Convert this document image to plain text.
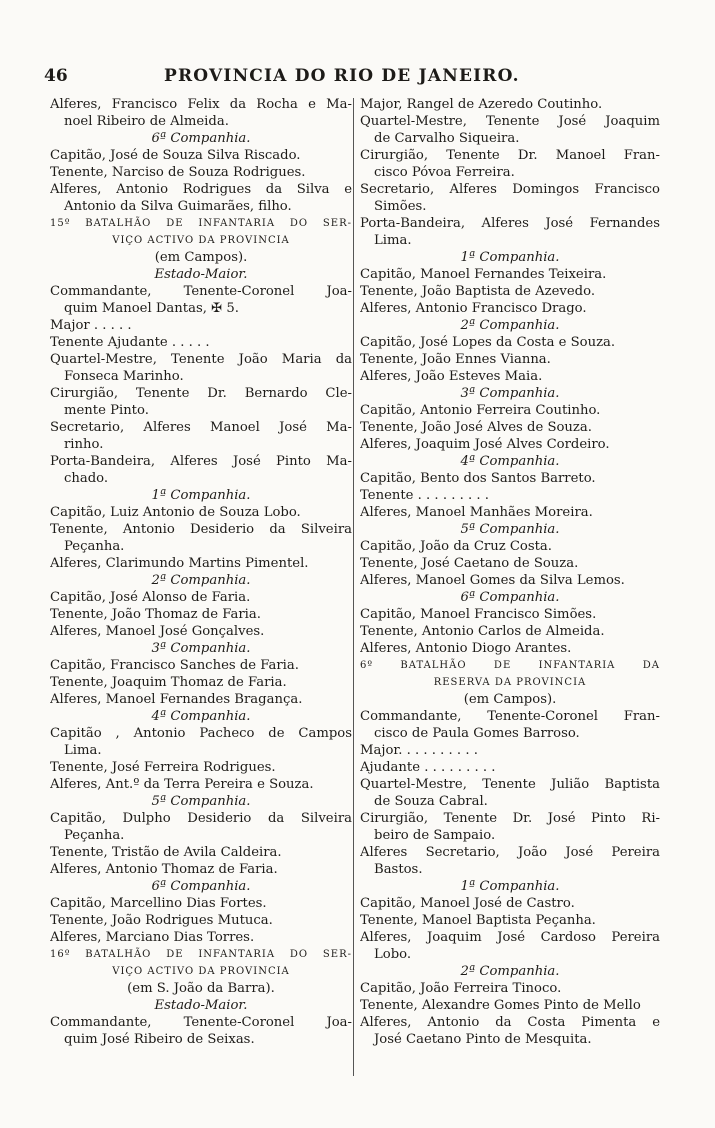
46	PROVINCIA DO RIO DE JANEIRO.
Alferes, Francisco Felix da Rocha e Ma-
noel Ribeiro de Almeida.
6ª Companhia.
Capitão, José de Souza Silva Riscado.
Tenente, Narciso de Souza Rodrigues.
Alferes, Antonio Rodrigues da Silva e
Antonio da Silva Guimarães, filho.
15º BATALHÃO DE INFANTARIA DO SER-
VIÇO ACTIVO DA PROVINCIA
(em Campos).
Estado-Maior.
Commandante, Tenente-Coronel Joa-
quim Manoel Dantas, ✠ 5.
Major . . . . .
Tenente Ajudante . . . . .
Quartel-Mestre, Tenente João Maria da
Fonseca Marinho.
Cirurgião, Tenente Dr. Bernardo Cle-
mente Pinto.
Secretario, Alferes Manoel José Ma-
rinho.
Porta-Bandeira, Alferes José Pinto Ma-
chado.
1ª Companhia.
Capitão, Luiz Antonio de Souza Lobo.
Tenente, Antonio Desiderio da Silveira
Peçanha.
Alferes, Clarimundo Martins Pimentel.
2ª Companhia.
Capitão, José Alonso de Faria.
Tenente, João Thomaz de Faria.
Alferes, Manoel José Gonçalves.
3ª Companhia.
Capitão, Francisco Sanches de Faria.
Tenente, Joaquim Thomaz de Faria.
Alferes, Manoel Fernandes Bragança.
4ª Companhia.
Capitão , Antonio Pacheco de Campos
Lima.
Tenente, José Ferreira Rodrigues.
Alferes, Ant.º da Terra Pereira e Souza.
5ª Companhia.
Capitão, Dulpho Desiderio da Silveira
Peçanha.
Tenente, Tristão de Avila Caldeira.
Alferes, Antonio Thomaz de Faria.
6ª Companhia.
Capitão, Marcellino Dias Fortes.
Tenente, João Rodrigues Mutuca.
Alferes, Marciano Dias Torres.
16º BATALHÃO DE INFANTARIA DO SER-
VIÇO ACTIVO DA PROVINCIA
(em S. João da Barra).
Estado-Maior.
Commandante, Tenente-Coronel Joa-
quim José Ribeiro de Seixas.
Major, Rangel de Azeredo Coutinho.
Quartel-Mestre, Tenente José Joaquim
de Carvalho Siqueira.
Cirurgião, Tenente Dr. Manoel Fran-
cisco Póvoa Ferreira.
Secretario, Alferes Domingos Francisco
Simões.
Porta-Bandeira, Alferes José Fernandes
Lima.
1ª Companhia.
Capitão, Manoel Fernandes Teixeira.
Tenente, João Baptista de Azevedo.
Alferes, Antonio Francisco Drago.
2ª Companhia.
Capitão, José Lopes da Costa e Souza.
Tenente, João Ennes Vianna.
Alferes, João Esteves Maia.
3ª Companhia.
Capitão, Antonio Ferreira Coutinho.
Tenente, João José Alves de Souza.
Alferes, Joaquim José Alves Cordeiro.
4ª Companhia.
Capitão, Bento dos Santos Barreto.
Tenente . . . . . . . . .
Alferes, Manoel Manhães Moreira.
5ª Companhia.
Capitão, João da Cruz Costa.
Tenente, José Caetano de Souza.
Alferes, Manoel Gomes da Silva Lemos.
6ª Companhia.
Capitão, Manoel Francisco Simões.
Tenente, Antonio Carlos de Almeida.
Alferes, Antonio Diogo Arantes.
6º BATALHÃO DE INFANTARIA DA
RESERVA DA PROVINCIA
(em Campos).
Commandante, Tenente-Coronel Fran-
cisco de Paula Gomes Barroso.
Major. . . . . . . . . .
Ajudante . . . . . . . . .
Quartel-Mestre, Tenente Julião Baptista
de Souza Cabral.
Cirurgião, Tenente Dr. José Pinto Ri-
beiro de Sampaio.
Alferes Secretario, João José Pereira
Bastos.
1ª Companhia.
Capitão, Manoel José de Castro.
Tenente, Manoel Baptista Peçanha.
Alferes, Joaquim José Cardoso Pereira
Lobo.
2ª Companhia.
Capitão, João Ferreira Tinoco.
Tenente, Alexandre Gomes Pinto de Mello
Alferes, Antonio da Costa Pimenta e
José Caetano Pinto de Mesquita.
